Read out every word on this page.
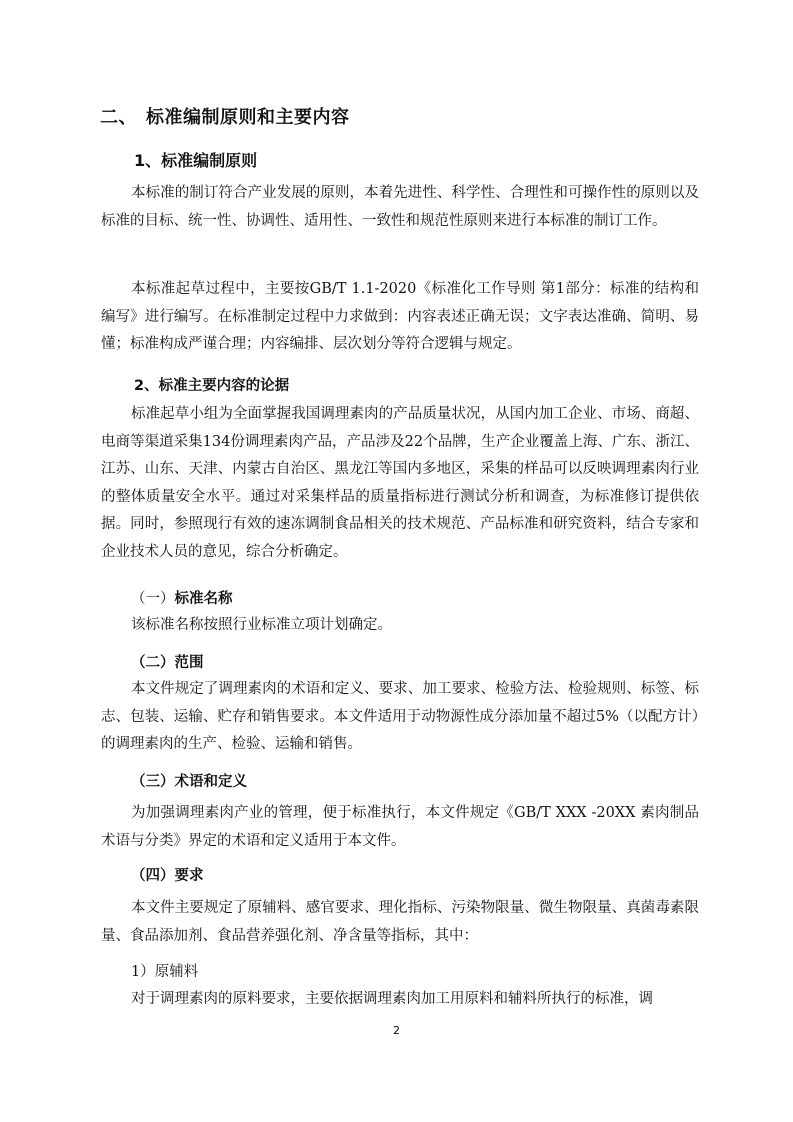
二、 标准编制原则和主要内容
1、标准编制原则

本标准的制订符合产业发展的原则，本着先进性、科学性、合理性和可操作性的原则以及标准的目标、统一性、协调性、适用性、一致性和规范性原则来进行本标准的制订工作。

本标准起草过程中，主要按GB/T 1.1-2020《标准化工作导则 第1部分：标准的结构和编写》进行编写。在标准制定过程中力求做到：内容表述正确无误；文字表达准确、简明、易懂；标准构成严谨合理；内容编排、层次划分等符合逻辑与规定。

2、标准主要内容的论据

标准起草小组为全面掌握我国调理素肉的产品质量状况，从国内加工企业、市场、商超、电商等渠道采集134份调理素肉产品，产品涉及22个品牌，生产企业覆盖上海、广东、浙江、江苏、山东、天津、内蒙古自治区、黑龙江等国内多地区，采集的样品可以反映调理素肉行业的整体质量安全水平。通过对采集样品的质量指标进行测试分析和调查，为标准修订提供依据。同时，参照现行有效的速冻调制食品相关的技术规范、产品标准和研究资料，结合专家和企业技术人员的意见，综合分析确定。

（一）标准名称

该标准名称按照行业标准立项计划确定。

（二）范围

本文件规定了调理素肉的术语和定义、要求、加工要求、检验方法、检验规则、标签、标志、包装、运输、贮存和销售要求。本文件适用于动物源性成分添加量不超过5%（以配方计）的调理素肉的生产、检验、运输和销售。

（三）术语和定义

为加强调理素肉产业的管理，便于标准执行，本文件规定《GB/T XXX -20XX 素肉制品术语与分类》界定的术语和定义适用于本文件。

（四）要求

本文件主要规定了原辅料、感官要求、理化指标、污染物限量、微生物限量、真菌毒素限量、食品添加剂、食品营养强化剂、净含量等指标，其中：

1）原辅料

对于调理素肉的原料要求，主要依据调理素肉加工用原料和辅料所执行的标准，调

2
